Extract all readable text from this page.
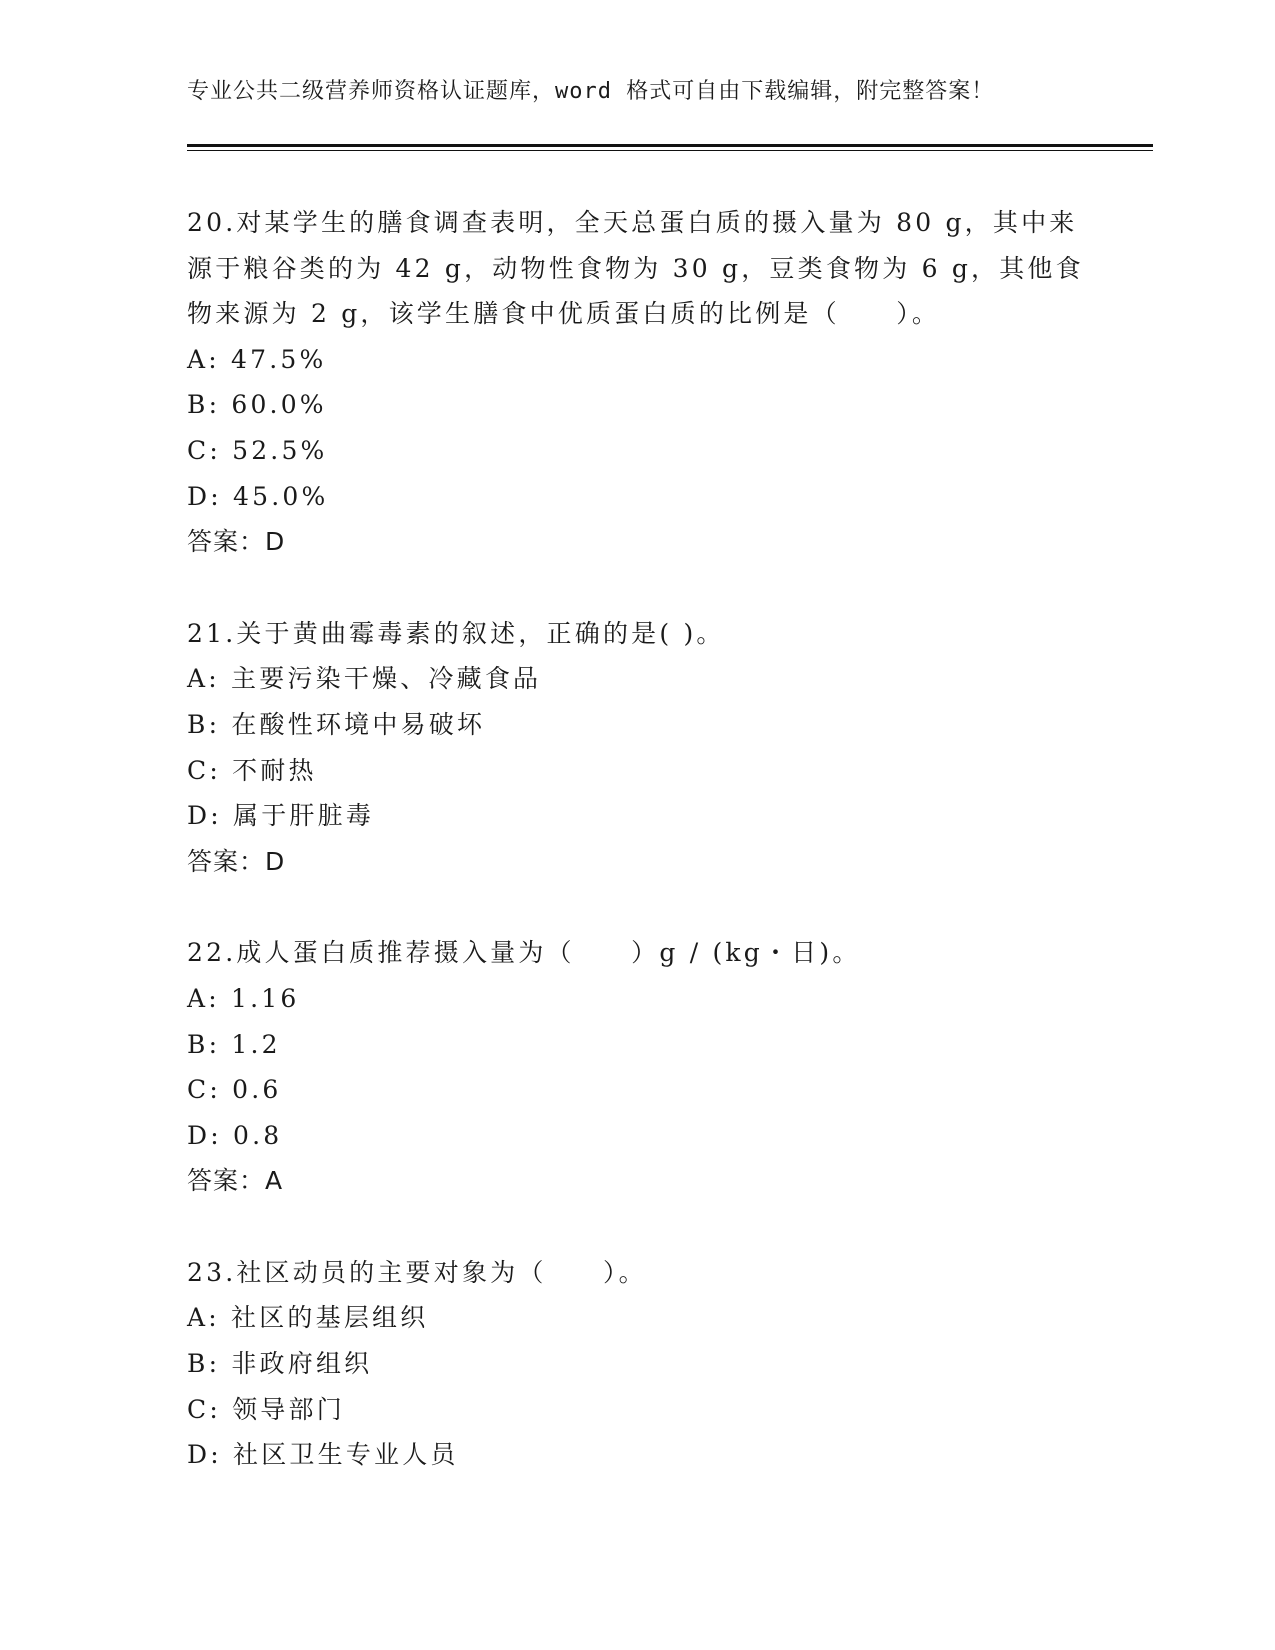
专业公共二级营养师资格认证题库，word 格式可自由下载编辑，附完整答案！

20.对某学生的膳食调查表明，全天总蛋白质的摄入量为 80 g，其中来源于粮谷类的为 42 g，动物性食物为 30 g，豆类食物为 6 g，其他食物来源为 2 g，该学生膳食中优质蛋白质的比例是（　　）。

A: 47.5%
B: 60.0%
C: 52.5%
D: 45.0%
答案：D

21.关于黄曲霉毒素的叙述，正确的是( )。

A: 主要污染干燥、冷藏食品
B: 在酸性环境中易破坏
C: 不耐热
D: 属于肝脏毒
答案：D

22.成人蛋白质推荐摄入量为（　　）g / (kg・日)。

A: 1.16
B: 1.2
C: 0.6
D: 0.8
答案：A

23.社区动员的主要对象为（　　）。

A: 社区的基层组织
B: 非政府组织
C: 领导部门
D: 社区卫生专业人员
